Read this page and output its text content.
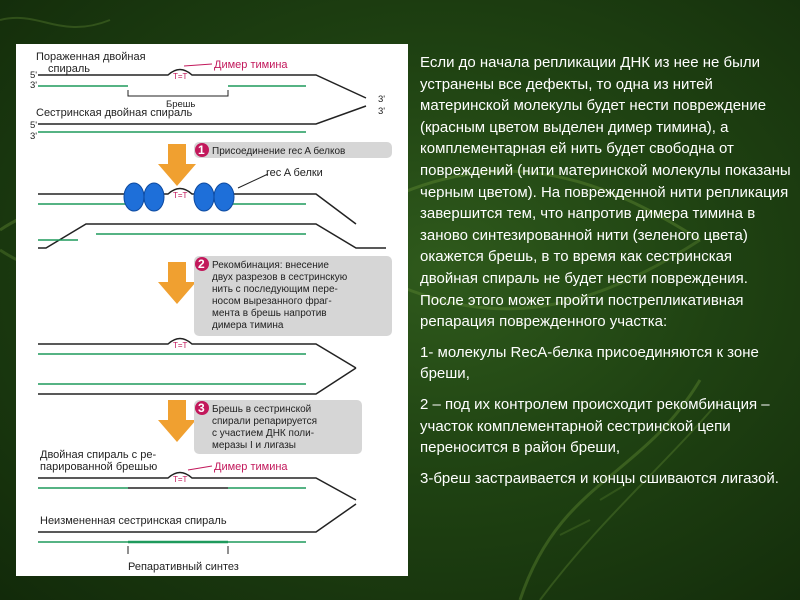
Пораженная двойная
спираль	Димер тимина
5'
3'
T=T
Брешь	3'
3'
Сестринская двойная спираль
5'
3'
1 Присоединение rec A белков
rec A белки
T=T
2 Рекомбинация: внесение
двух разрезов в сестринскую
нить с последующим пере-
носом вырезанного фраг-
мента в брешь напротив
димера тимина
T=T
3 Брешь в сестринской
спирали репарируется
с участием ДНК поли-
меразы I и лигазы
Двойная спираль с ре-
парированной брешью	Димер тимина
T=T
Неизмененная сестринская спираль
Репаративный синтез

Если до начала репликации ДНК из нее не были устранены все дефекты, то одна из нитей материнской молекулы будет нести повреждение (красным цветом выделен димер тимина), а комплементарная ей нить будет свободна от повреждений (нити материнской молекулы показаны черным цветом). На поврежденной нити репликация завершится тем, что напротив димера тимина в заново синтезированной нити (зеленого цвета) окажется брешь, в то время как сестринская двойная спираль не будет нести повреждения. После этого может пройти пострепликативная репарация поврежденного участка:

1- молекулы RecA-белка присоединяются к зоне бреши,

2 – под их контролем происходит рекомбинация – участок комплементарной сестринской цепи переносится в район бреши,

3-бреш застраивается и концы сшиваются лигазой.
